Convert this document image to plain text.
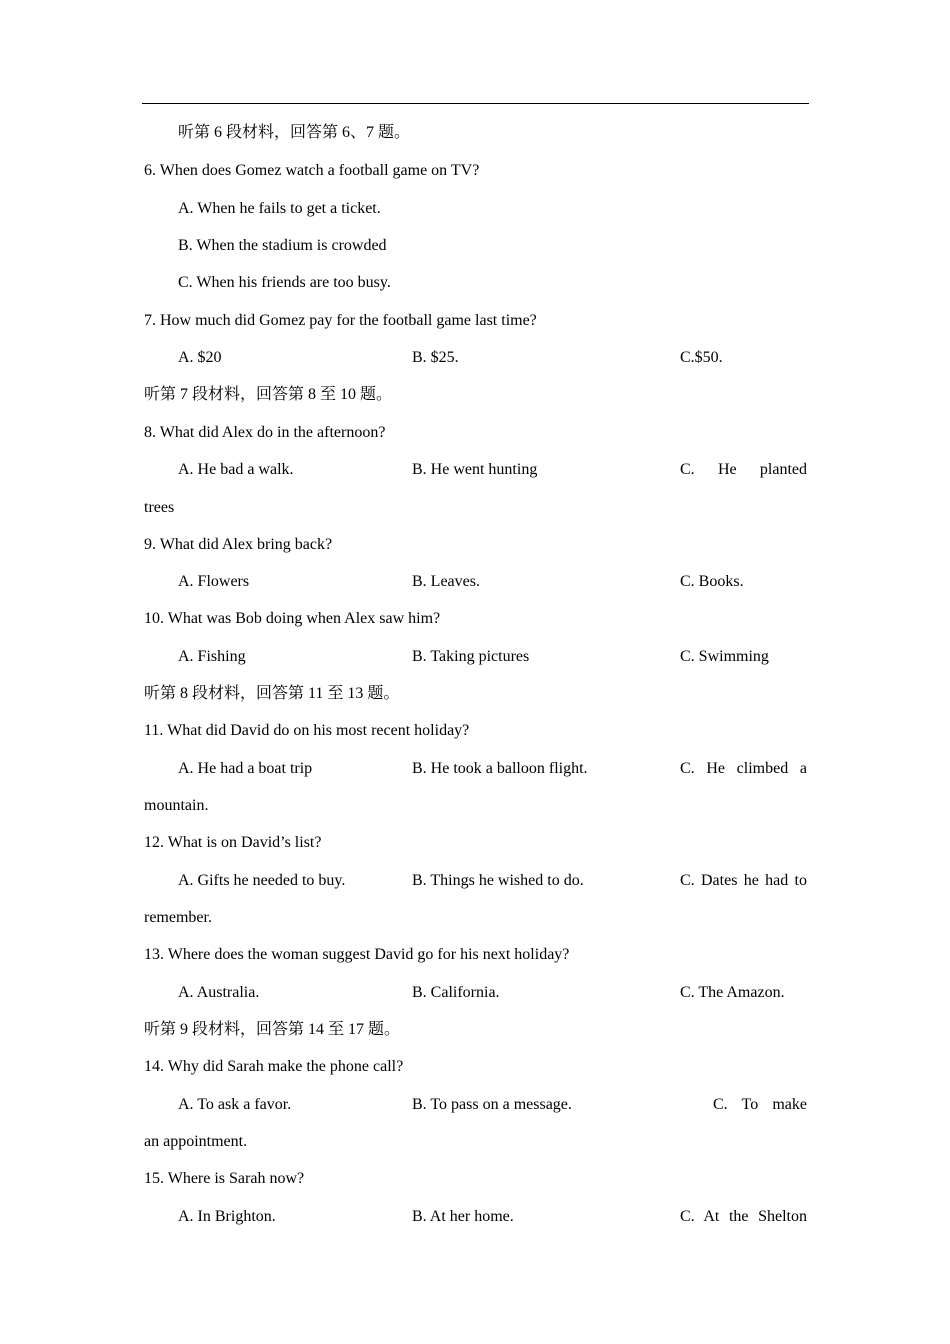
听第 6 段材料，回答第 6、7 题。
6. When does Gomez watch a football game on TV?
A. When he fails to get a ticket.
B. When the stadium is crowded
C. When his friends are too busy.
7. How much did Gomez pay for the football game last time?
A. $20	B. $25.	C.$50.
听第 7 段材料，回答第 8 至 10 题。
8. What did Alex do in the afternoon?
A. He bad a walk.	B. He went hunting	C. He planted
trees
9. What did Alex bring back?
A. Flowers	B. Leaves.	C. Books.
10. What was Bob doing when Alex saw him?
A. Fishing	B. Taking pictures	C. Swimming
听第 8 段材料，回答第 11 至 13 题。
11. What did David do on his most recent holiday?
A. He had a boat trip	B. He took a balloon flight.	C. He climbed a
mountain.
12. What is on David’s list?
A. Gifts he needed to buy.	B. Things he wished to do.	C. Dates he had to
remember.
13. Where does the woman suggest David go for his next holiday?
A. Australia.	B. California.	C. The Amazon.
听第 9 段材料，回答第 14 至 17 题。
14. Why did Sarah make the phone call?
A. To ask a favor.	B. To pass on a message.	C. To make
an appointment.
15. Where is Sarah now?
A. In Brighton.	B. At her home.	C. At the Shelton
